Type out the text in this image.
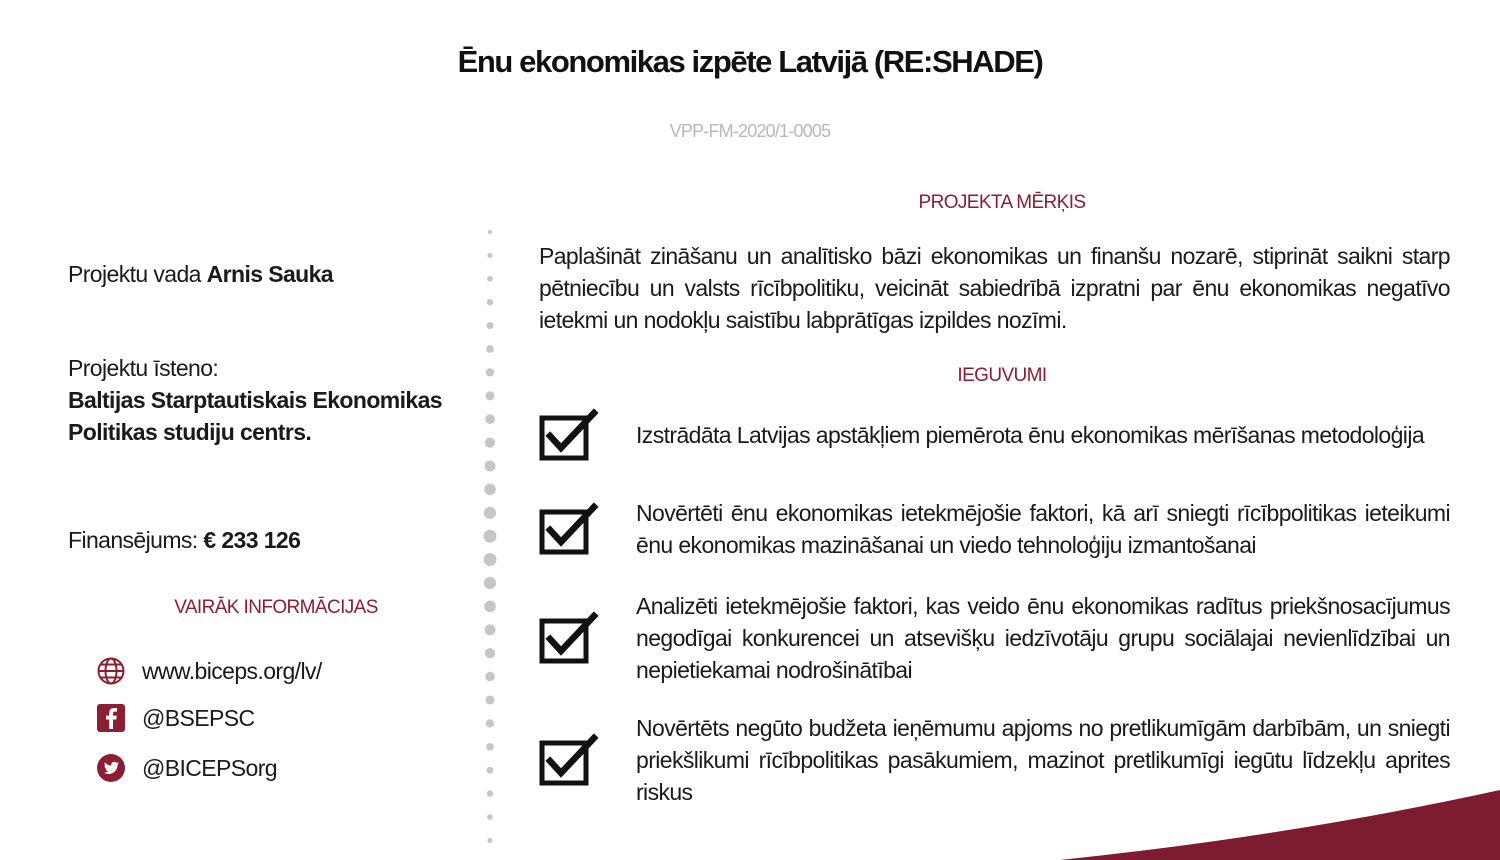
Ēnu ekonomikas izpēte Latvijā (RE:SHADE)
VPP-FM-2020/1-0005
Projektu vada Arnis Sauka
Projektu īsteno:
Baltijas Starptautiskais Ekonomikas
Politikas studiju centrs.
Finansējums: € 233 126
VAIRĀK INFORMĀCIJAS
www.biceps.org/lv/
@BSEPSC
@BICEPSorg
PROJEKTA MĒRĶIS
Paplašināt zināšanu un analītisko bāzi ekonomikas un finanšu nozarē, stiprināt saikni starp pētniecību un valsts rīcībpolitiku, veicināt sabiedrībā izpratni par ēnu ekonomikas negatīvo ietekmi un nodokļu saistību labprātīgas izpildes nozīmi.
IEGUVUMI
Izstrādāta Latvijas apstākļiem piemērota ēnu ekonomikas mērīšanas metodoloģija
Novērtēti ēnu ekonomikas ietekmējošie faktori, kā arī sniegti rīcībpolitikas ieteikumi ēnu ekonomikas mazināšanai un viedo tehnoloģiju izmantošanai
Analizēti ietekmējošie faktori, kas veido ēnu ekonomikas radītus priekšnosacījumus negodīgai konkurencei un atsevišķu iedzīvotāju grupu sociālajai nevienlīdzībai un nepietiekamai nodrošinātībai
Novērtēts negūto budžeta ieņēmumu apjoms no pretlikumīgām darbībām, un sniegti priekšlikumi rīcībpolitikas pasākumiem, mazinot pretlikumīgi iegūtu līdzekļu aprites riskus
